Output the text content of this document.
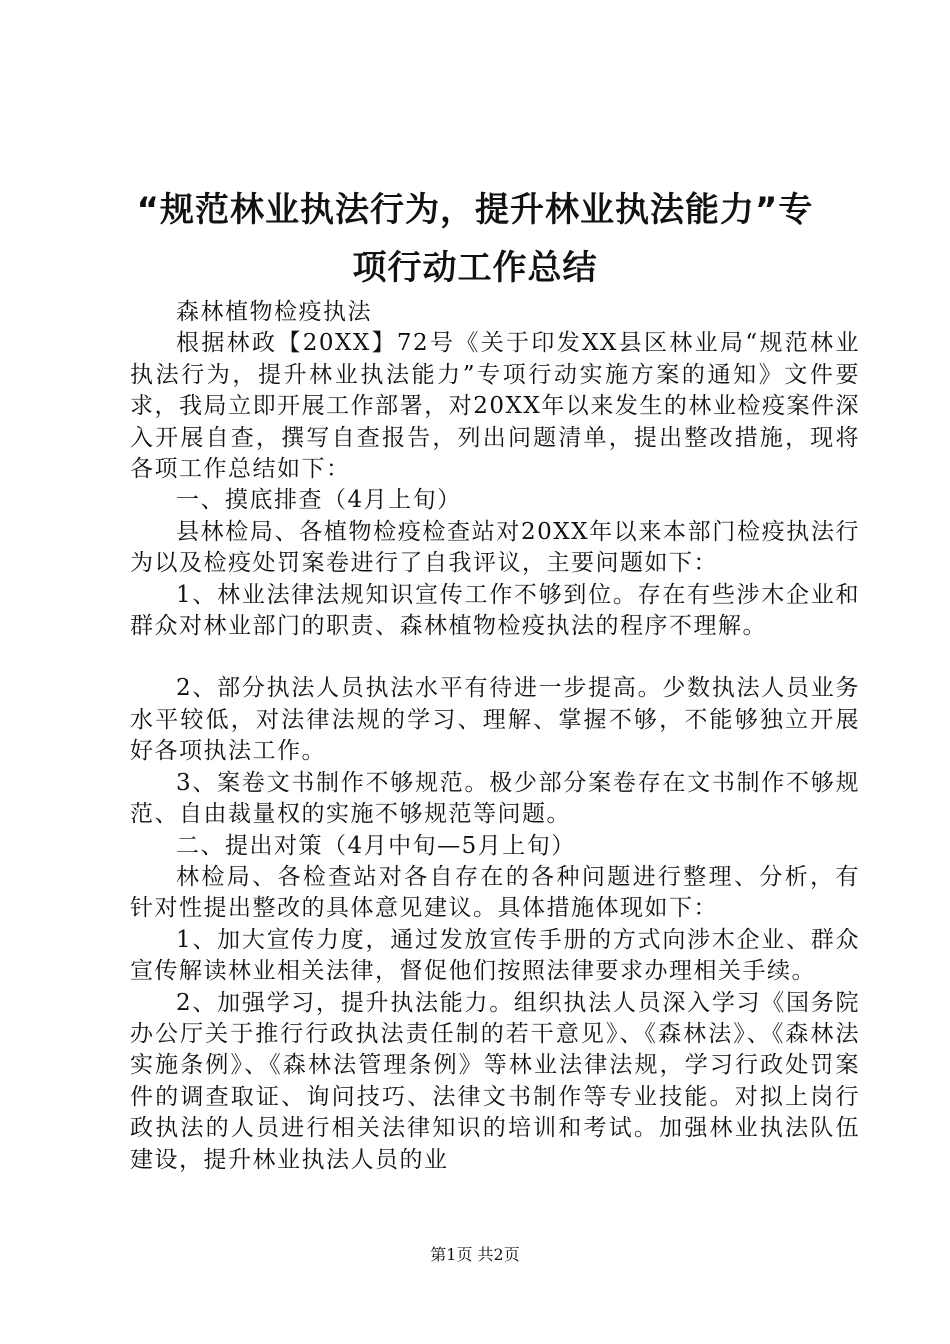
“规范林业执法行为，提升林业执法能力”专
项行动工作总结

森林植物检疫执法

根据林政【20XX】72号《关于印发XX县区林业局“规范林业执法行为，提升林业执法能力”专项行动实施方案的通知》文件要求，我局立即开展工作部署，对20XX年以来发生的林业检疫案件深入开展自查，撰写自查报告，列出问题清单，提出整改措施，现将各项工作总结如下：

一、摸底排查（4月上旬）

县林检局、各植物检疫检查站对20XX年以来本部门检疫执法行为以及检疫处罚案卷进行了自我评议，主要问题如下：

1、林业法律法规知识宣传工作不够到位。存在有些涉木企业和群众对林业部门的职责、森林植物检疫执法的程序不理解。

2、部分执法人员执法水平有待进一步提高。少数执法人员业务水平较低，对法律法规的学习、理解、掌握不够，不能够独立开展好各项执法工作。

3、案卷文书制作不够规范。极少部分案卷存在文书制作不够规范、自由裁量权的实施不够规范等问题。

二、提出对策（4月中旬—5月上旬）

林检局、各检查站对各自存在的各种问题进行整理、分析，有针对性提出整改的具体意见建议。具体措施体现如下：

1、加大宣传力度，通过发放宣传手册的方式向涉木企业、群众宣传解读林业相关法律，督促他们按照法律要求办理相关手续。

2、加强学习，提升执法能力。组织执法人员深入学习《国务院办公厅关于推行行政执法责任制的若干意见》、《森林法》、《森林法实施条例》、《森林法管理条例》等林业法律法规，学习行政处罚案件的调查取证、询问技巧、法律文书制作等专业技能。对拟上岗行政执法的人员进行相关法律知识的培训和考试。加强林业执法队伍建设，提升林业执法人员的业

第1页 共2页
